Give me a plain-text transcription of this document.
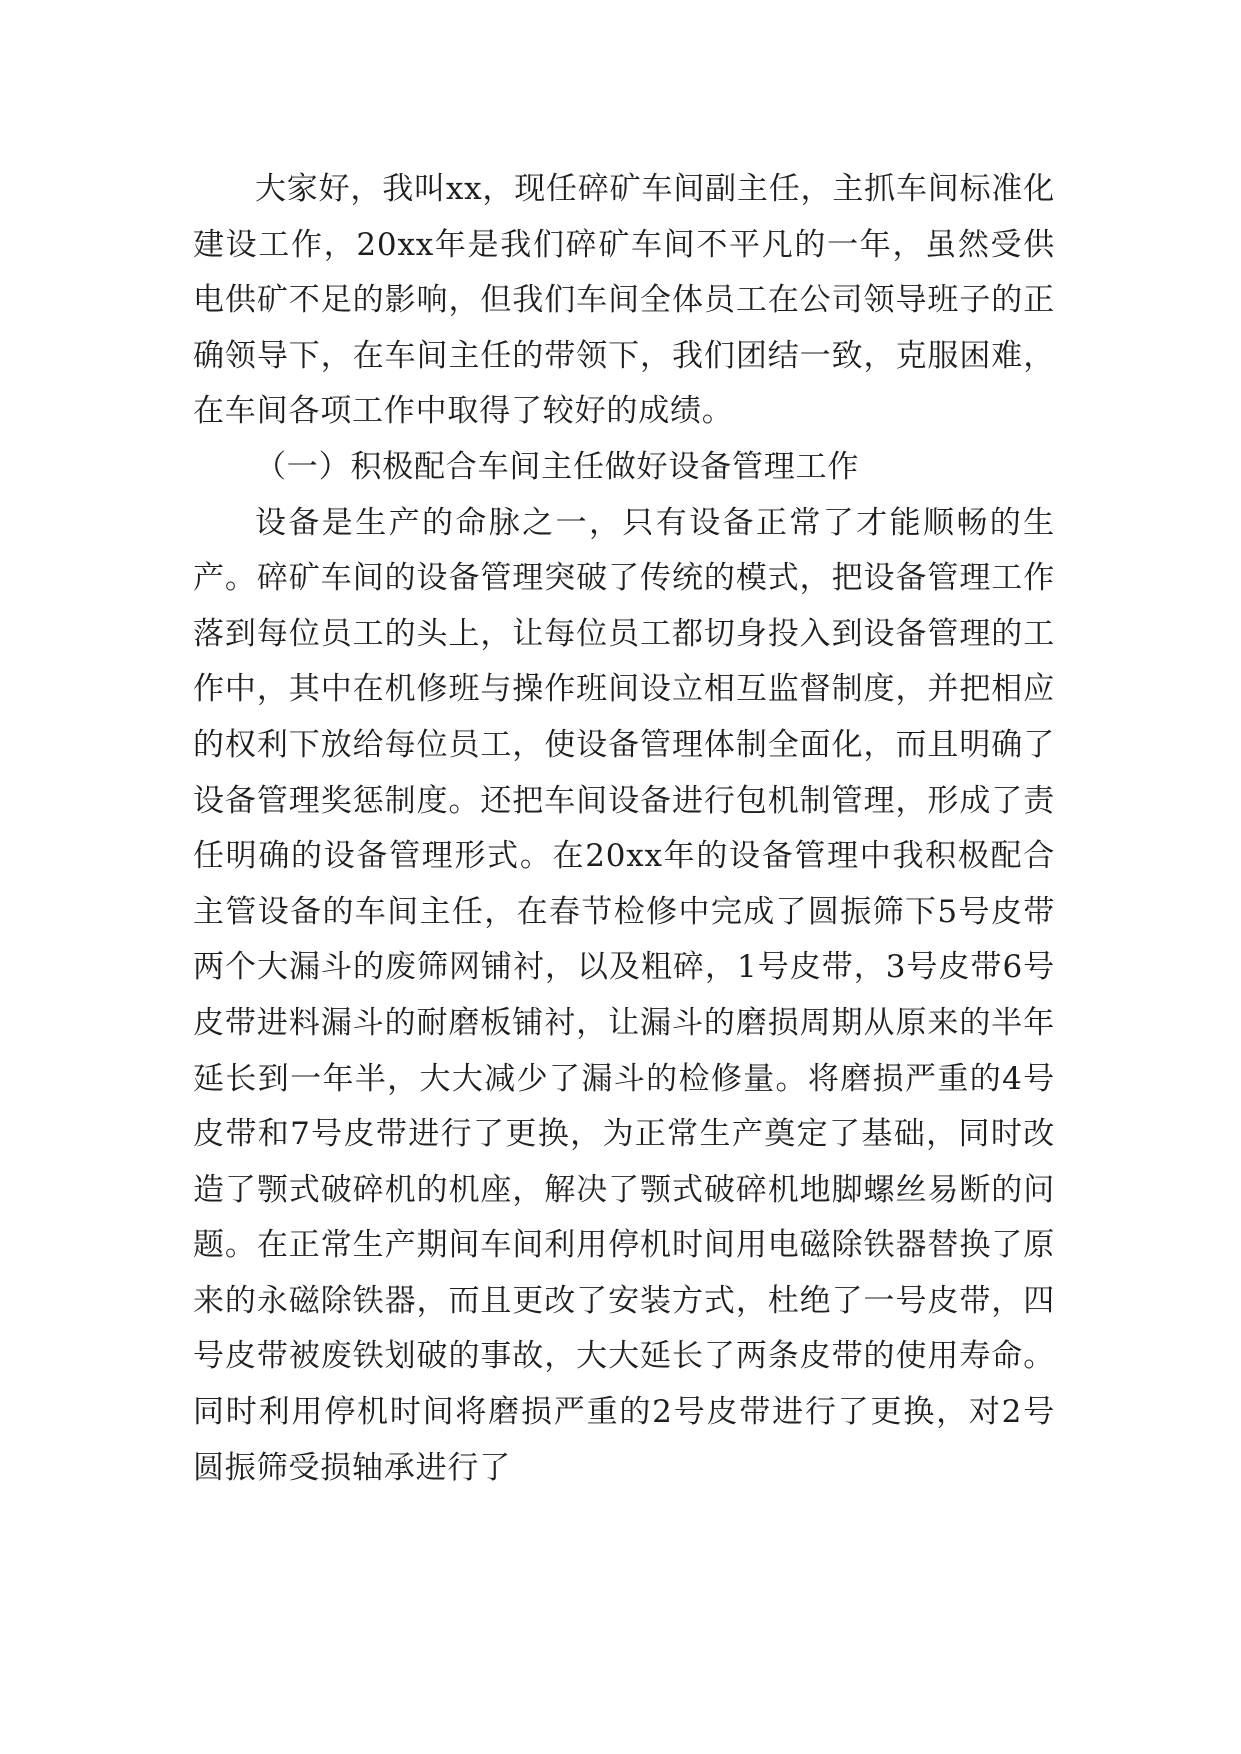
大家好，我叫xx，现任碎矿车间副主任，主抓车间标准化建设工作，20xx年是我们碎矿车间不平凡的一年，虽然受供电供矿不足的影响，但我们车间全体员工在公司领导班子的正确领导下，在车间主任的带领下，我们团结一致，克服困难，在车间各项工作中取得了较好的成绩。

（一）积极配合车间主任做好设备管理工作

设备是生产的命脉之一，只有设备正常了才能顺畅的生产。碎矿车间的设备管理突破了传统的模式，把设备管理工作落到每位员工的头上，让每位员工都切身投入到设备管理的工作中，其中在机修班与操作班间设立相互监督制度，并把相应的权利下放给每位员工，使设备管理体制全面化，而且明确了设备管理奖惩制度。还把车间设备进行包机制管理，形成了责任明确的设备管理形式。在20xx年的设备管理中我积极配合主管设备的车间主任，在春节检修中完成了圆振筛下5号皮带两个大漏斗的废筛网铺衬，以及粗碎，1号皮带，3号皮带6号皮带进料漏斗的耐磨板铺衬，让漏斗的磨损周期从原来的半年延长到一年半，大大减少了漏斗的检修量。将磨损严重的4号皮带和7号皮带进行了更换，为正常生产奠定了基础，同时改造了颚式破碎机的机座，解决了颚式破碎机地脚螺丝易断的问题。在正常生产期间车间利用停机时间用电磁除铁器替换了原来的永磁除铁器，而且更改了安装方式，杜绝了一号皮带，四号皮带被废铁划破的事故，大大延长了两条皮带的使用寿命。同时利用停机时间将磨损严重的2号皮带进行了更换，对2号圆振筛受损轴承进行了
